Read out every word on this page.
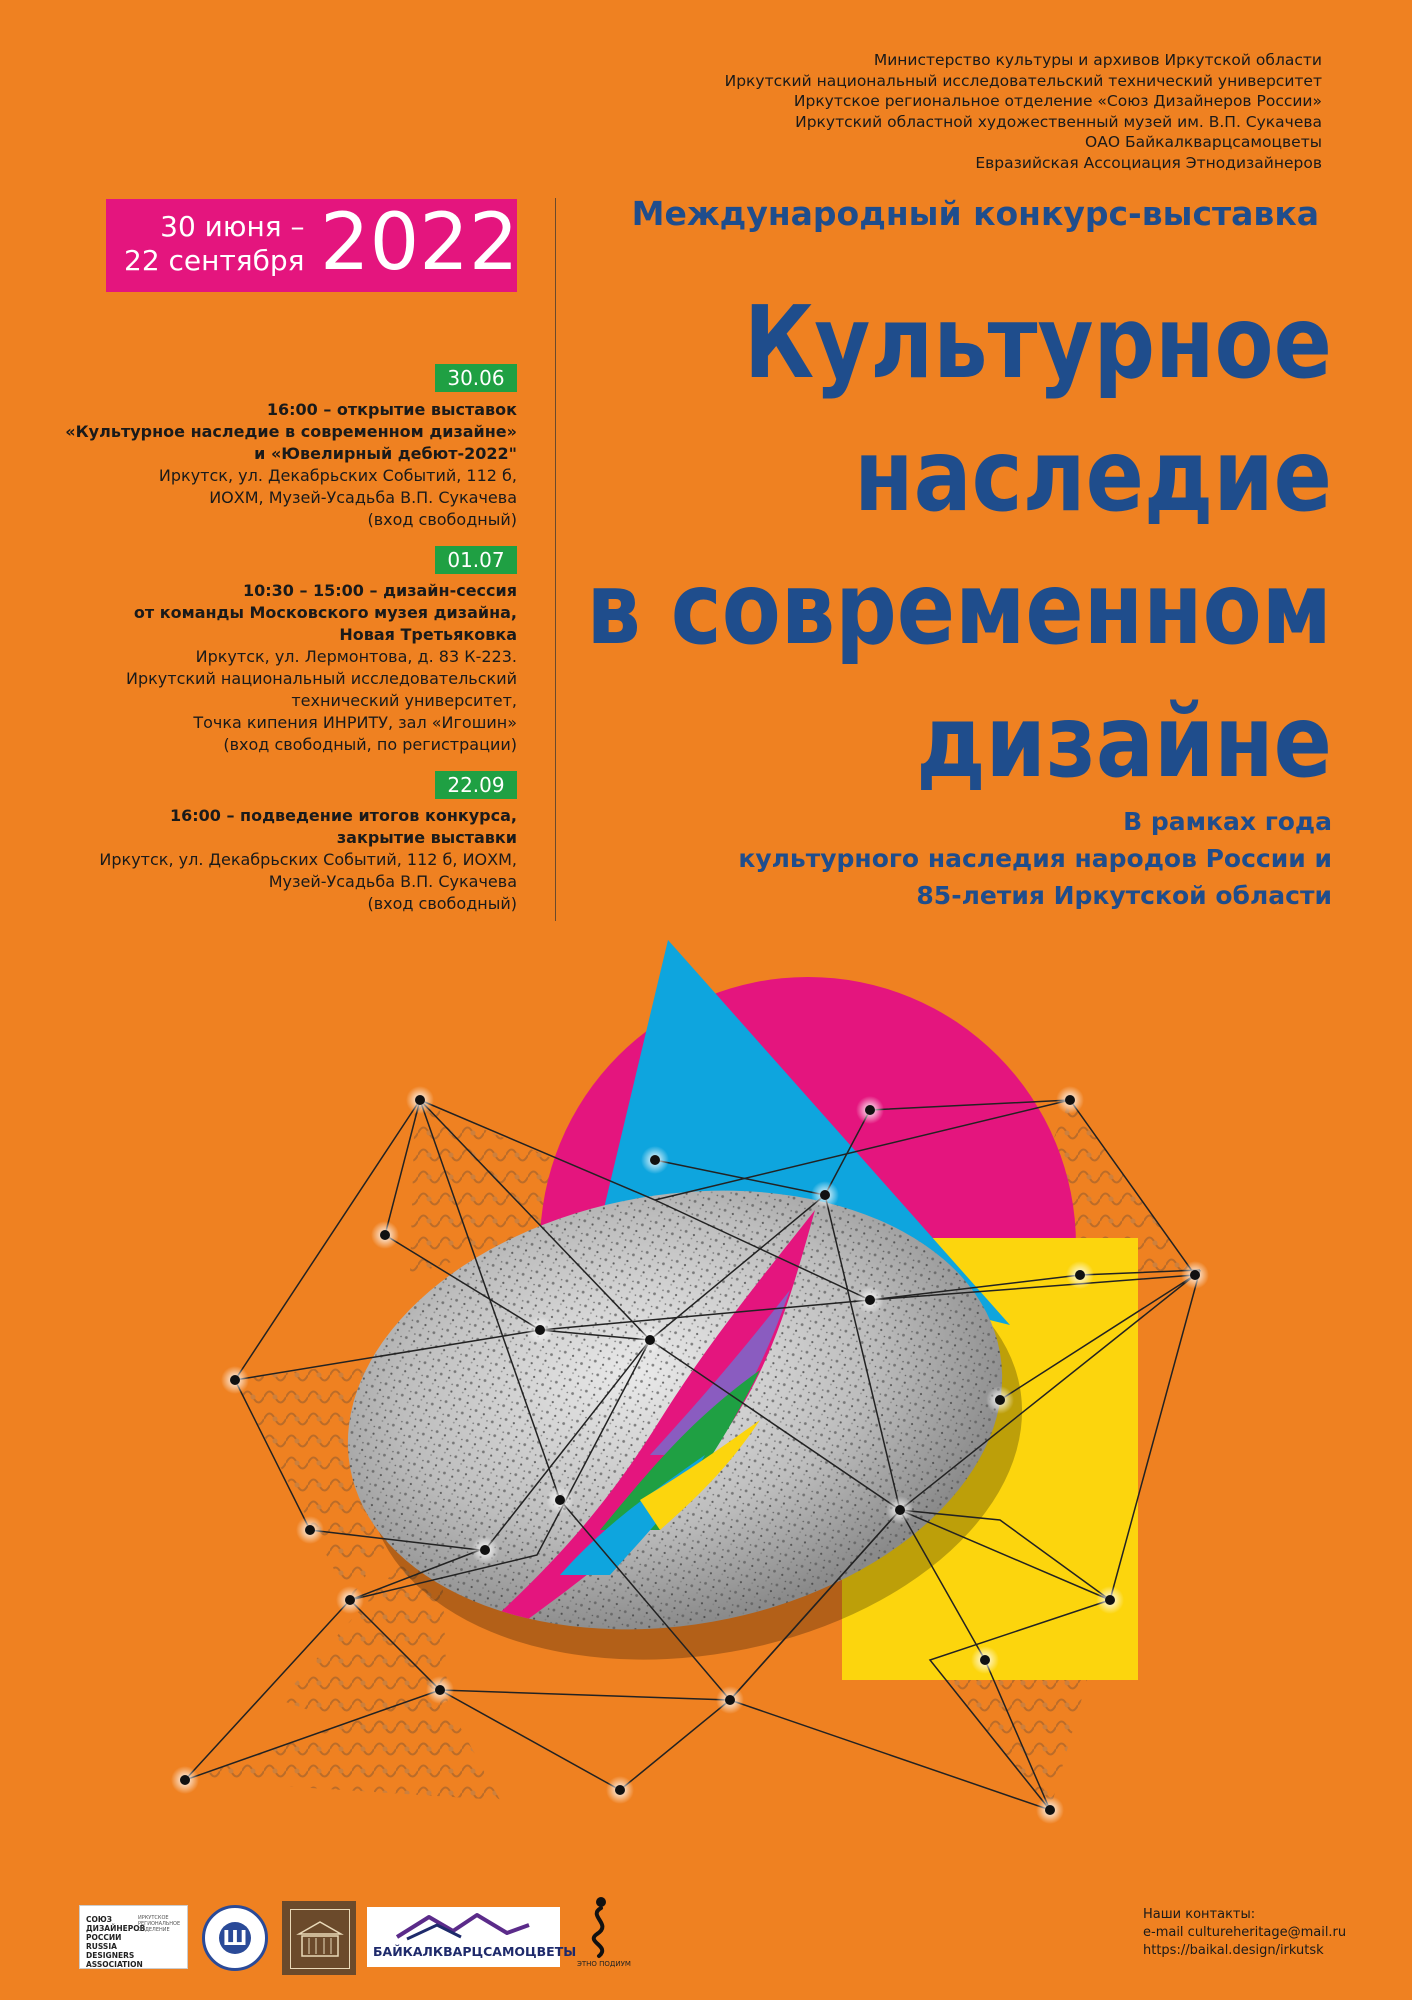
Министерство культуры и архивов Иркутской области
Иркутский национальный исследовательский технический университет
Иркутское региональное отделение «Союз Дизайнеров России»
Иркутский областной художественный музей им. В.П. Сукачева
ОАО Байкалкварцсамоцветы
Евразийская Ассоциация Этнодизайнеров
30 июня –
22 сентября 2022
30.06
16:00 – открытие выставок
«Культурное наследие в современном дизайне»
и «Ювелирный дебют-2022"
Иркутск, ул. Декабрьских Событий, 112 б,
ИОХМ, Музей-Усадьба В.П. Сукачева
(вход свободный)
01.07
10:30 – 15:00 – дизайн-сессия
от команды Московского музея дизайна,
Новая Третьяковка
Иркутск, ул. Лермонтова, д. 83 К-223.
Иркутский национальный исследовательский
технический университет,
Точка кипения ИНРИТУ, зал «Игошин»
(вход свободный, по регистрации)
22.09
16:00 – подведение итогов конкурса,
закрытие выставки
Иркутск, ул. Декабрьских Событий, 112 б, ИОХМ,
Музей-Усадьба В.П. Сукачева
(вход свободный)
Международный конкурс-выставка
Культурное
наследие
в современном
дизайне
В рамках года
культурного наследия народов России и
85-летия Иркутской области
СОЮЗ
ДИЗАЙНЕРОВ
РОССИИ
RUSSIA
DESIGNERS
ASSOCIATION
ИРКУТСКОЕ РЕГИОНАЛЬНОЕ ОТДЕЛЕНИЕ	Ш
БАЙКАЛКВАРЦСАМОЦВЕТЫ
ЭТНО ПОДИУМ
Наши контакты:
e-mail cultureheritage@mail.ru
https://baikal.design/irkutsk
